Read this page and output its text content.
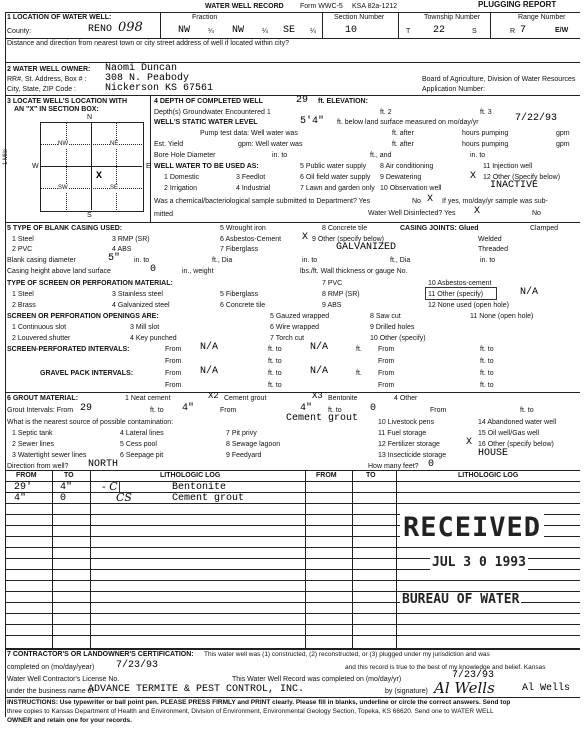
WATER WELL RECORD Form WWC-5 KSA 82a-1212	PLUGGING REPORT
1 LOCATION OF WATER WELL:
County:	RENO 098
Fraction
NW	¼ NW	¼ SE ¼
Section Number
10
Township Number
T 22	S
Range Number
R 7	E/W
Distance and direction from nearest town or city street address of well if located within city?
2 WATER WELL OWNER: Naomi Duncan
RR#, St. Address, Box # : 308 N. Peabody
City, State, ZIP Code :	Nickerson KS 67561
Board of Agriculture, Division of Water Resources
Application Number:
3 LOCATE WELL'S LOCATION WITH
AN "X" IN SECTION BOX:
N
S
W	E
1 Mile
NW	NE
SW	SE
X
4 DEPTH OF COMPLETED WELL	29 ft. ELEVATION:
Depth(s) Groundwater Encountered 1	ft. 2	ft. 3
WELL'S STATIC WATER LEVEL	5'4" ft. below land surface measured on mo/day/yr	7/22/93
Pump test data: Well water was	ft. after	hours pumping	gpm
Est. Yield	gpm: Well water was	ft. after	hours pumping	gpm
Bore Hole Diameter	in. to	ft., and	in. to
WELL WATER TO BE USED AS:	5 Public water supply 8 Air conditioning	11 Injection well
1 Domestic	3 Feedlot	6 Oil field water supply 9 Dewatering	X 12 Other (Specify below)
2 Irrigation	4 Industrial	7 Lawn and garden only 10 Observation well	INACTIVE
Was a chemical/bacteriological sample submitted to Department? Yes	No X If yes, mo/day/yr sample was sub-
mitted	Water Well Disinfected? Yes X	No
5 TYPE OF BLANK CASING USED:	5 Wrought iron	8 Concrete tile	CASING JOINTS: Glued	Clamped
1 Steel	3 RMP (SR)	6 Asbestos-Cement X 9 Other (specify below)	Welded
2 PVC	4 ABS	7 Fiberglass	GALVANIZED	Threaded
Blank casing diameter	5" in. to	ft., Dia	in. to	ft., Dia	in. to
Casing height above land surface	0	in., weight	lbs./ft. Wall thickness or gauge No.
TYPE OF SCREEN OR PERFORATION MATERIAL:	7 PVC	10 Asbestos-cement
1 Steel	3 Stainless steel	5 Fiberglass	8 RMP (SR)	11 Other (specify)	N/A
2 Brass	4 Galvanized steel	6 Concrete tile	9 ABS	12 None used (open hole)
SCREEN OR PERFORATION OPENINGS ARE:	5 Gauzed wrapped	8 Saw cut	11 None (open hole)
1 Continuous slot	3 Mill slot	6 Wire wrapped	9 Drilled holes
2 Louvered shutter	4 Key punched	7 Torch cut	10 Other (specify)
SCREEN-PERFORATED INTERVALS:	From N/A	ft. to	N/A	ft. From	ft. to
From	ft. to	From	ft. to
GRAVEL PACK INTERVALS:	From N/A	ft. to	N/A	ft. From	ft. to
From	ft. to	From	ft. to
6 GROUT MATERIAL:	1 Neat cement	X2 Cement grout	X3 Bentonite	4 Other
Grout Intervals: From 29	ft. to 4"	From	4" ft. to	0	From	ft. to
Cement grout
What is the nearest source of possible contamination:	10 Livestock pens	14 Abandoned water well
1 Septic tank	4 Lateral lines	7 Pit privy	11 Fuel storage	15 Oil well/Gas well
2 Sewer lines	5 Cess pool	8 Sewage lagoon	12 Fertilizer storage	X 16 Other (specify below)
3 Watertight sewer lines	6 Seepage pit	9 Feedyard	13 Insecticide storage	HOUSE
Direction from well? NORTH	How many feet? 0
FROM	TO	LITHOLOGIC LOG	FROM	TO	LITHOLOGIC LOG
29'	4"	- C|	Bentonite
4"	0	CS	Cement grout
RECEIVED
JUL 3 0 1993
BUREAU OF WATER
7 CONTRACTOR'S OR LANDOWNER'S CERTIFICATION: This water well was (1) constructed, (2) reconstructed, or (3) plugged under my jurisdiction and was
completed on (mo/day/year) 7/23/93	and this record is true to the best of my knowledge and belief. Kansas
Water Well Contractor's License No.	This Water Well Record was completed on (mo/day/yr)	7/23/93
under the business name of
ADVANCE TERMITE & PEST CONTROL, INC.	by (signature) Al Wells	Al Wells
INSTRUCTIONS: Use typewriter or ball point pen. PLEASE PRESS FIRMLY and PRINT clearly. Please fill in blanks, underline or circle the correct answers. Send top
three copies to Kansas Department of Health and Environment, Division of Environment, Environmental Geology Section, Topeka, KS 66620. Send one to WATER WELL
OWNER and retain one for your records.
